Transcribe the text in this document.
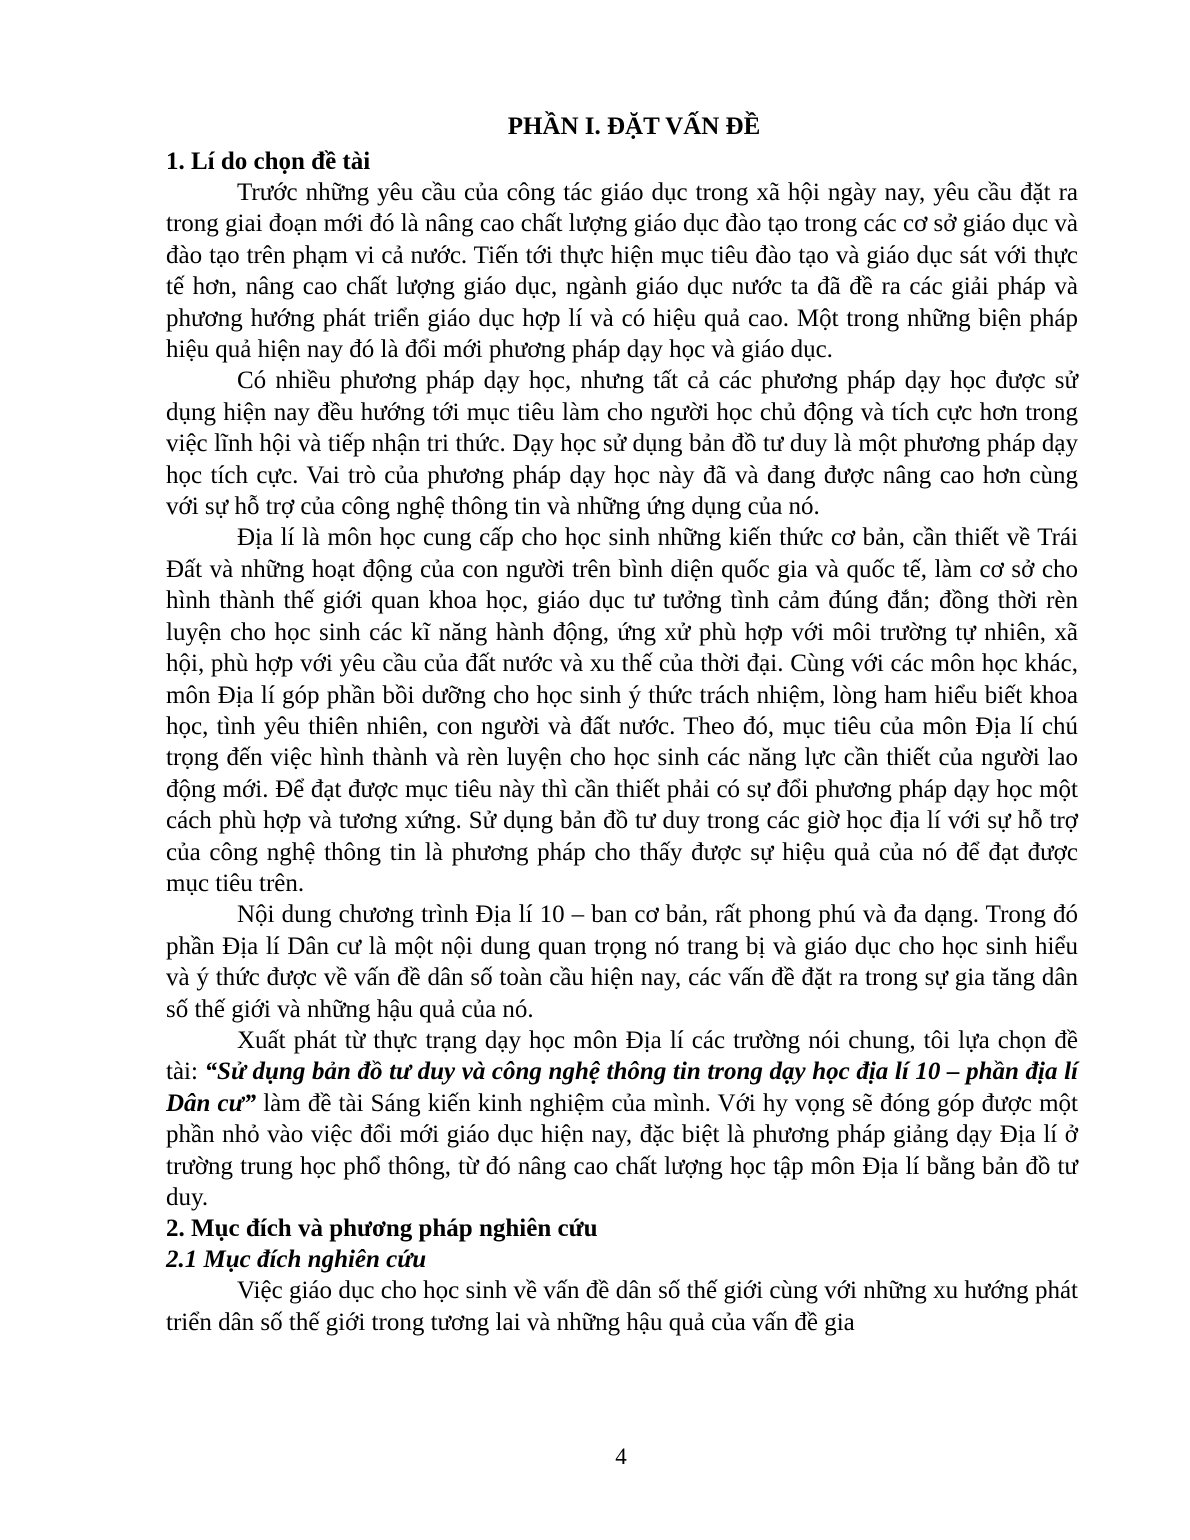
PHẦN I. ĐẶT VẤN ĐỀ
1. Lí do chọn đề tài

Trước những yêu cầu của công tác giáo dục trong xã hội ngày nay, yêu cầu đặt ra trong giai đoạn mới đó là nâng cao chất lượng giáo dục đào tạo trong các cơ sở giáo dục và đào tạo trên phạm vi cả nước. Tiến tới thực hiện mục tiêu đào tạo và giáo dục sát với thực tế hơn, nâng cao chất lượng giáo dục, ngành giáo dục nước ta đã đề ra các giải pháp và phương hướng phát triển giáo dục hợp lí và có hiệu quả cao. Một trong những biện pháp hiệu quả hiện nay đó là đổi mới phương pháp dạy học và giáo dục.

Có nhiều phương pháp dạy học, nhưng tất cả các phương pháp dạy học được sử dụng hiện nay đều hướng tới mục tiêu làm cho người học chủ động và tích cực hơn trong việc lĩnh hội và tiếp nhận tri thức. Dạy học sử dụng bản đồ tư duy là một phương pháp dạy học tích cực. Vai trò của phương pháp dạy học này đã và đang được nâng cao hơn cùng với sự hỗ trợ của công nghệ thông tin và những ứng dụng của nó.

Địa lí là môn học cung cấp cho học sinh những kiến thức cơ bản, cần thiết về Trái Đất và những hoạt động của con người trên bình diện quốc gia và quốc tế, làm cơ sở cho hình thành thế giới quan khoa học, giáo dục tư tưởng tình cảm đúng đắn; đồng thời rèn luyện cho học sinh các kĩ năng hành động, ứng xử phù hợp với môi trường tự nhiên, xã hội, phù hợp với yêu cầu của đất nước và xu thế của thời đại. Cùng với các môn học khác, môn Địa lí góp phần bồi dưỡng cho học sinh ý thức trách nhiệm, lòng ham hiểu biết khoa học, tình yêu thiên nhiên, con người và đất nước. Theo đó, mục tiêu của môn Địa lí chú trọng đến việc hình thành và rèn luyện cho học sinh các năng lực cần thiết của người lao động mới. Để đạt được mục tiêu này thì cần thiết phải có sự đổi phương pháp dạy học một cách phù hợp và tương xứng. Sử dụng bản đồ tư duy trong các giờ học địa lí với sự hỗ trợ của công nghệ thông tin là phương pháp cho thấy được sự hiệu quả của nó để đạt được mục tiêu trên.

Nội dung chương trình Địa lí 10 – ban cơ bản, rất phong phú và đa dạng. Trong đó phần Địa lí Dân cư là một nội dung quan trọng nó trang bị và giáo dục cho học sinh hiểu và ý thức được về vấn đề dân số toàn cầu hiện nay, các vấn đề đặt ra trong sự gia tăng dân số thế giới và những hậu quả của nó.

Xuất phát từ thực trạng dạy học môn Địa lí các trường nói chung, tôi lựa chọn đề tài: “Sử dụng bản đồ tư duy và công nghệ thông tin trong dạy học địa lí 10 – phần địa lí Dân cư” làm đề tài Sáng kiến kinh nghiệm của mình. Với hy vọng sẽ đóng góp được một phần nhỏ vào việc đổi mới giáo dục hiện nay, đặc biệt là phương pháp giảng dạy Địa lí ở trường trung học phổ thông, từ đó nâng cao chất lượng học tập môn Địa lí bằng bản đồ tư duy.

2. Mục đích và phương pháp nghiên cứu
2.1 Mục đích nghiên cứu

Việc giáo dục cho học sinh về vấn đề dân số thế giới cùng với những xu hướng phát triển dân số thế giới trong tương lai và những hậu quả của vấn đề gia

4
